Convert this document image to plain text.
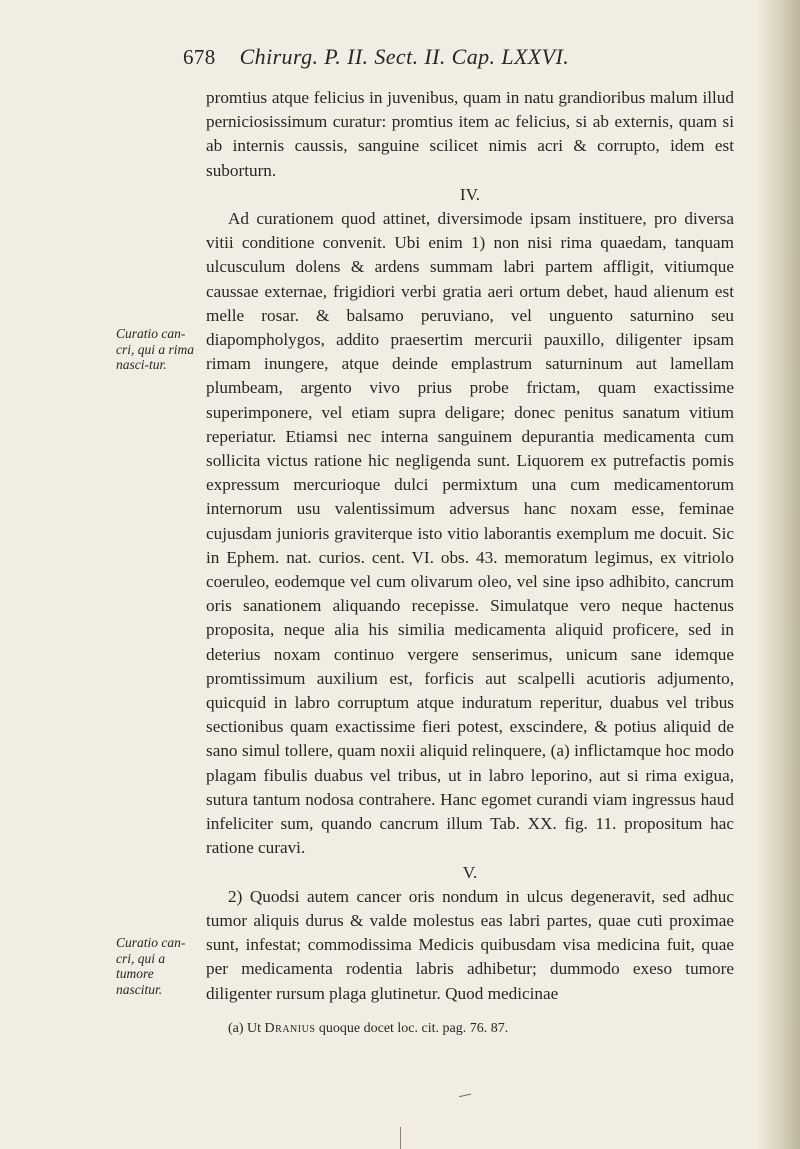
678 Chirurg. P. II. Sect. II. Cap. LXXVI.
Curatio can-cri, qui a rima nasci-tur.
Curatio can-cri, qui a tumore nascitur.

promtius atque felicius in juvenibus, quam in natu grandioribus malum illud perniciosissimum curatur: promtius item ac felicius, si ab externis, quam si ab internis caussis, sanguine scilicet nimis acri & corrupto, idem est suborturn.

IV.

Ad curationem quod attinet, diversimode ipsam instituere, pro diversa vitii conditione convenit. Ubi enim 1) non nisi rima quaedam, tanquam ulcusculum dolens & ardens summam labri partem affligit, vitiumque caussae externae, frigidiori verbi gratia aeri ortum debet, haud alienum est melle rosar. & balsamo peruviano, vel unguento saturnino seu diapompholygos, addito praesertim mercurii pauxillo, diligenter ipsam rimam inungere, atque deinde emplastrum saturninum aut lamellam plumbeam, argento vivo prius probe frictam, quam exactissime superimponere, vel etiam supra deligare; donec penitus sanatum vitium reperiatur. Etiamsi nec interna sanguinem depurantia medicamenta cum sollicita victus ratione hic negligenda sunt. Liquorem ex putrefactis pomis expressum mercurioque dulci permixtum una cum medicamentorum internorum usu valentissimum adversus hanc noxam esse, feminae cujusdam junioris graviterque isto vitio laborantis exemplum me docuit. Sic in Ephem. nat. curios. cent. VI. obs. 43. memoratum legimus, ex vitriolo coeruleo, eodemque vel cum olivarum oleo, vel sine ipso adhibito, cancrum oris sanationem aliquando recepisse. Simulatque vero neque hactenus proposita, neque alia his similia medicamenta aliquid proficere, sed in deterius noxam continuo vergere senserimus, unicum sane idemque promtissimum auxilium est, forficis aut scalpelli acutioris adjumento, quicquid in labro corruptum atque induratum reperitur, duabus vel tribus sectionibus quam exactissime fieri potest, exscindere, & potius aliquid de sano simul tollere, quam noxii aliquid relinquere, (a) inflictamque hoc modo plagam fibulis duabus vel tribus, ut in labro leporino, aut si rima exigua, sutura tantum nodosa contrahere. Hanc egomet curandi viam ingressus haud infeliciter sum, quando cancrum illum Tab. XX. fig. 11. propositum hac ratione curavi.

V.

2) Quodsi autem cancer oris nondum in ulcus degeneravit, sed adhuc tumor aliquis durus & valde molestus eas labri partes, quae cuti proximae sunt, infestat; commodissima Medicis quibusdam visa medicina fuit, quae per medicamenta rodentia labris adhibetur; dummodo exeso tumore diligenter rursum plaga glutinetur. Quod medicinae

(a) Ut Dranius quoque docet loc. cit. pag. 76. 87.
